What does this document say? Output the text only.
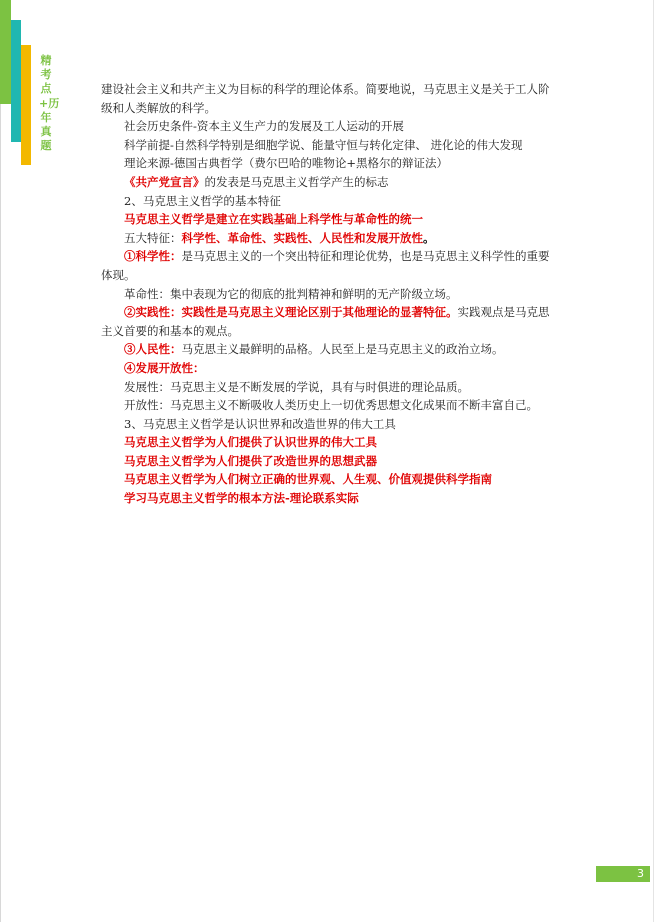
精考点+历年真题

建设社会主义和共产主义为目标的科学的理论体系。简要地说，马克思主义是关于工人阶级和人类解放的科学。

社会历史条件-资本主义生产力的发展及工人运动的开展

科学前提-自然科学特别是细胞学说、能量守恒与转化定律、 进化论的伟大发现

理论来源-德国古典哲学（费尔巴哈的唯物论+黑格尔的辩证法）

《共产党宣言》的发表是马克思主义哲学产生的标志

2、马克思主义哲学的基本特征

马克思主义哲学是建立在实践基础上科学性与革命性的统一

五大特征：科学性、革命性、实践性、人民性和发展开放性。

①科学性：是马克思主义的一个突出特征和理论优势，也是马克思主义科学性的重要体现。

革命性：集中表现为它的彻底的批判精神和鲜明的无产阶级立场。

②实践性：实践性是马克思主义理论区别于其他理论的显著特征。实践观点是马克思主义首要的和基本的观点。

③人民性：马克思主义最鲜明的品格。人民至上是马克思主义的政治立场。

④发展开放性：

发展性：马克思主义是不断发展的学说，具有与时俱进的理论品质。

开放性：马克思主义不断吸收人类历史上一切优秀思想文化成果而不断丰富自己。

3、马克思主义哲学是认识世界和改造世界的伟大工具

马克思主义哲学为人们提供了认识世界的伟大工具

马克思主义哲学为人们提供了改造世界的思想武器

马克思主义哲学为人们树立正确的世界观、人生观、价值观提供科学指南

学习马克思主义哲学的根本方法-理论联系实际

3
